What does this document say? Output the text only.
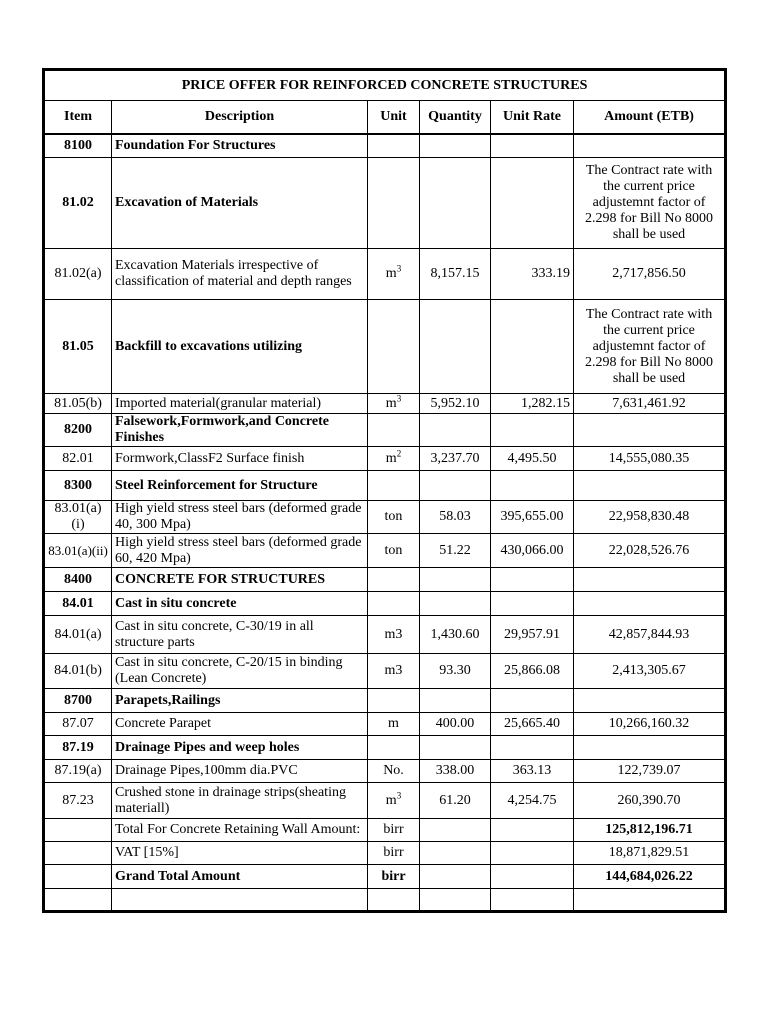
PRICE OFFER FOR REINFORCED CONCRETE STRUCTURES					
Item	Description	Unit	Quantity	Unit Rate	Amount (ETB)
8100	Foundation For Structures				
81.02	Excavation of Materials				The Contract rate with the current price adjustemnt factor of 2.298 for Bill No 8000 shall be used
81.02(a)	Excavation Materials irrespective of classification of material and depth ranges	$m^3$	8,157.15	333.19	2,717,856.50
81.05	Backfill to excavations utilizing				The Contract rate with the current price adjustemnt factor of 2.298 for Bill No 8000 shall be used
81.05(b)	Imported material(granular material)	$m^3$	5,952.10	1,282.15	7,631,461.92
8200	Falsework,Formwork,and Concrete Finishes				
82.01	Formwork,ClassF2 Surface finish	$m^2$	3,237.70	4,495.50	14,555,080.35
8300	Steel Reinforcement for Structure				
83.01(a)(i)	High yield stress steel bars (deformed grade 40, 300 Mpa)	ton	58.03	395,655.00	22,958,830.48
83.01(a)(ii)	High yield stress steel bars (deformed grade 60, 420 Mpa)	ton	51.22	430,066.00	22,028,526.76
8400	CONCRETE FOR STRUCTURES				
84.01	Cast in situ concrete				
84.01(a)	Cast in situ concrete, C-30/19 in all structure parts	m3	1,430.60	29,957.91	42,857,844.93
84.01(b)	Cast in situ concrete, C-20/15 in binding (Lean Concrete)	m3	93.30	25,866.08	2,413,305.67
8700	Parapets,Railings				
87.07	Concrete Parapet	m	400.00	25,665.40	10,266,160.32
87.19	Drainage Pipes and weep holes				
87.19(a)	Drainage Pipes,100mm dia.PVC	No.	338.00	363.13	122,739.07
87.23	Crushed stone in drainage strips(sheating materiall)	$m^3$	61.20	4,254.75	260,390.70
	Total For Concrete Retaining Wall Amount:	birr			125,812,196.71
	VAT [15%]	birr			18,871,829.51
	Grand Total Amount	birr			144,684,026.22
